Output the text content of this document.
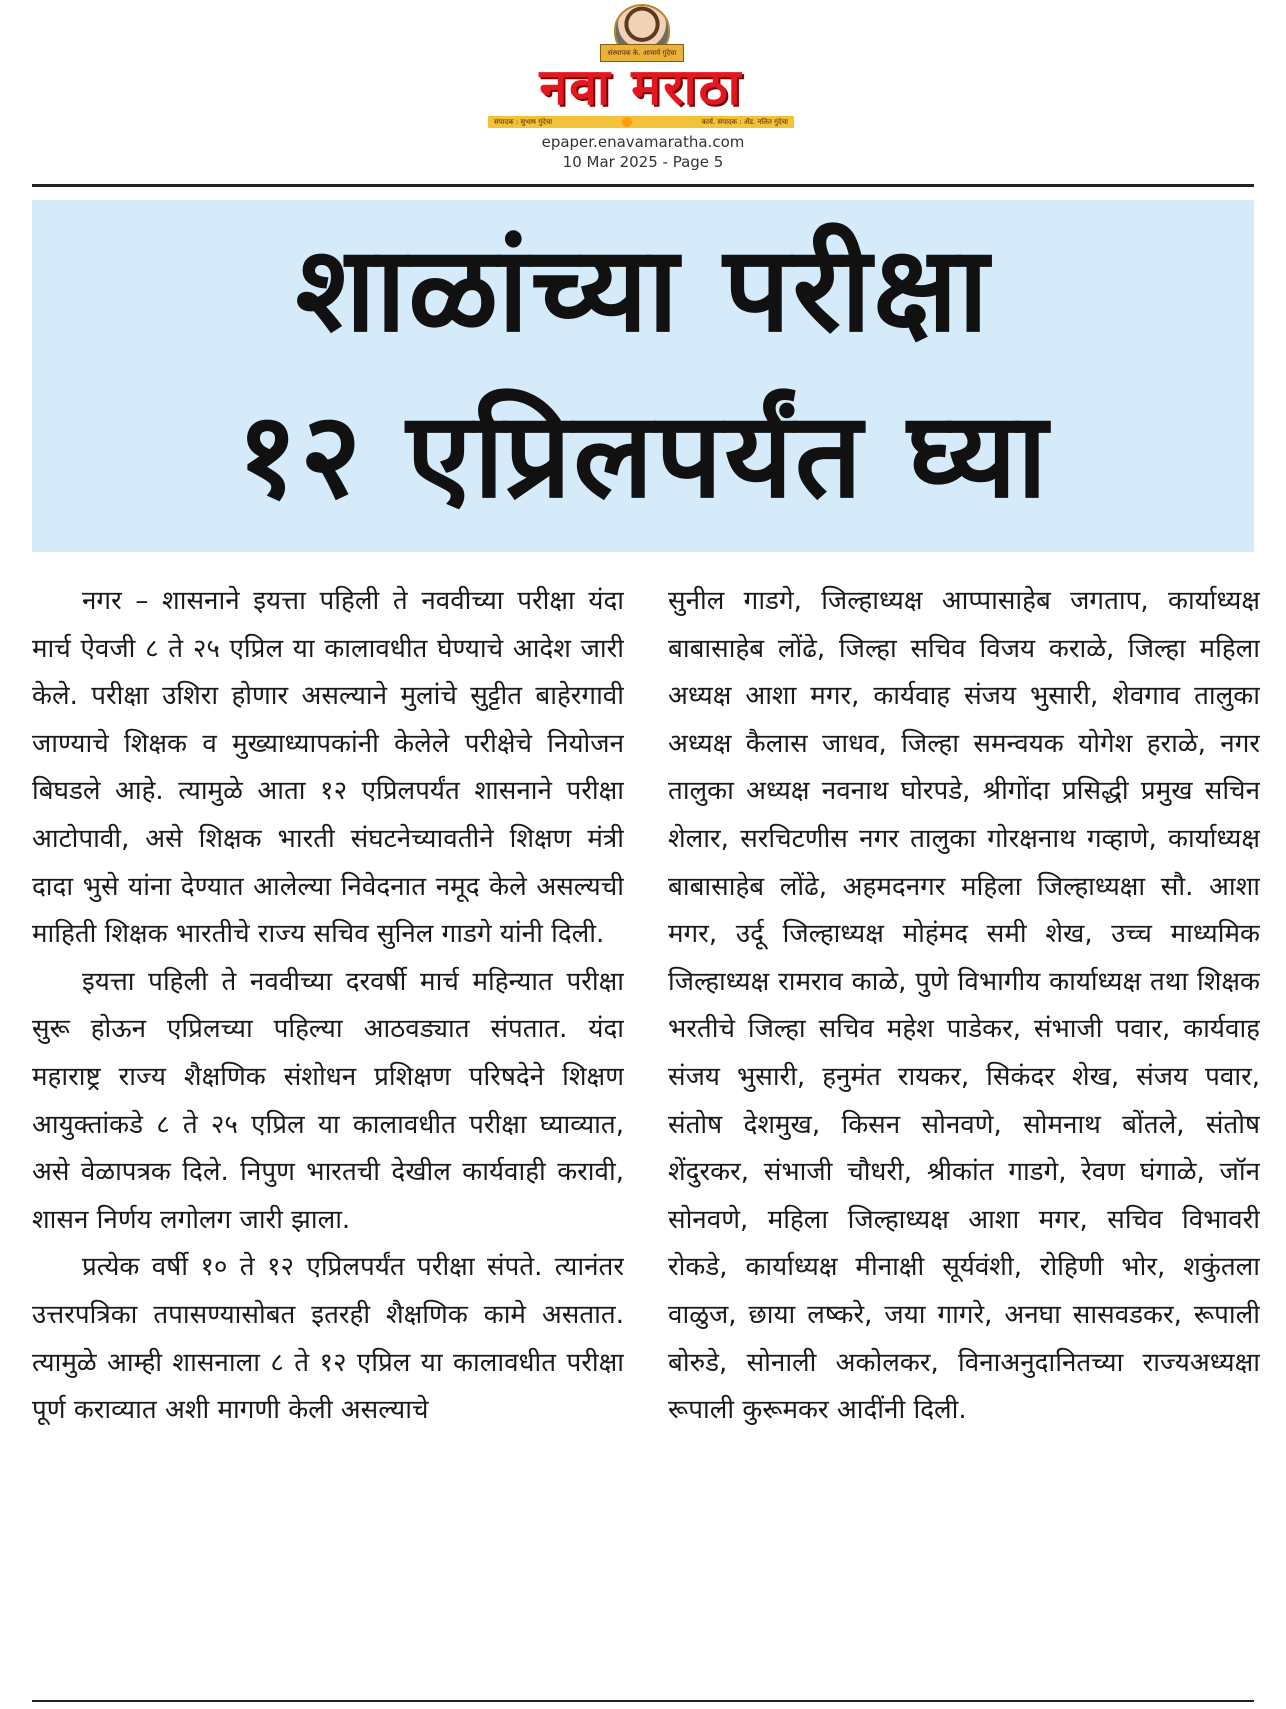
संस्थापक के. आचार्य गुंदेचा
नवा मराठा
संपादक : सुभाष गुंदेचा	कार्य. संपादक : ॲड. नलित गुंदेचा
epaper.enavamaratha.com
10 Mar 2025 - Page 5
शाळांच्या परीक्षा
१२ एप्रिलपर्यंत घ्या

नगर – शासनाने इयत्ता पहिली ते नववीच्या परीक्षा यंदा मार्च ऐवजी ८ ते २५ एप्रिल या कालावधीत घेण्याचे आदेश जारी केले. परीक्षा उशिरा होणार असल्याने मुलांचे सुट्टीत बाहेरगावी जाण्याचे शिक्षक व मुख्याध्यापकांनी केलेले परीक्षेचे नियोजन बिघडले आहे. त्यामुळे आता १२ एप्रिलपर्यंत शासनाने परीक्षा आटोपावी, असे शिक्षक भारती संघटनेच्यावतीने शिक्षण मंत्री दादा भुसे यांना देण्यात आलेल्या निवेदनात नमूद केले असल्यची माहिती शिक्षक भारतीचे राज्य सचिव सुनिल गाडगे यांनी दिली.

इयत्ता पहिली ते नववीच्या दरवर्षी मार्च महिन्यात परीक्षा सुरू होऊन एप्रिलच्या पहिल्या आठवड्यात संपतात. यंदा महाराष्ट्र राज्य शैक्षणिक संशोधन प्रशिक्षण परिषदेने शिक्षण आयुक्तांकडे ८ ते २५ एप्रिल या कालावधीत परीक्षा घ्याव्यात, असे वेळापत्रक दिले. निपुण भारतची देखील कार्यवाही करावी, शासन निर्णय लगोलग जारी झाला.

प्रत्येक वर्षी १० ते १२ एप्रिलपर्यंत परीक्षा संपते. त्यानंतर उत्तरपत्रिका तपासण्यासोबत इतरही शैक्षणिक कामे असतात. त्यामुळे आम्ही शासनाला ८ ते १२ एप्रिल या कालावधीत परीक्षा पूर्ण कराव्यात अशी मागणी केली असल्याचे

सुनील गाडगे, जिल्हाध्यक्ष आप्पासाहेब जगताप, कार्याध्यक्ष बाबासाहेब लोंढे, जिल्हा सचिव विजय कराळे, जिल्हा महिला अध्यक्ष आशा मगर, कार्यवाह संजय भुसारी, शेवगाव तालुका अध्यक्ष कैलास जाधव, जिल्हा समन्वयक योगेश हराळे, नगर तालुका अध्यक्ष नवनाथ घोरपडे, श्रीगोंदा प्रसिद्धी प्रमुख सचिन शेलार, सरचिटणीस नगर तालुका गोरक्षनाथ गव्हाणे, कार्याध्यक्ष बाबासाहेब लोंढे, अहमदनगर महिला जिल्हाध्यक्षा सौ. आशा मगर, उर्दू जिल्हाध्यक्ष मोहंमद समी शेख, उच्च माध्यमिक जिल्हाध्यक्ष रामराव काळे, पुणे विभागीय कार्याध्यक्ष तथा शिक्षक भरतीचे जिल्हा सचिव महेश पाडेकर, संभाजी पवार, कार्यवाह संजय भुसारी, हनुमंत रायकर, सिकंदर शेख, संजय पवार, संतोष देशमुख, किसन सोनवणे, सोमनाथ बोंतले, संतोष शेंदुरकर, संभाजी चौधरी, श्रीकांत गाडगे, रेवण घंगाळे, जॉन सोनवणे, महिला जिल्हाध्यक्ष आशा मगर, सचिव विभावरी रोकडे, कार्याध्यक्ष मीनाक्षी सूर्यवंशी, रोहिणी भोर, शकुंतला वाळुज, छाया लष्करे, जया गागरे, अनघा सासवडकर, रूपाली बोरुडे, सोनाली अकोलकर, विनाअनुदानितच्या राज्यअध्यक्षा रूपाली कुरूमकर आदींनी दिली.
